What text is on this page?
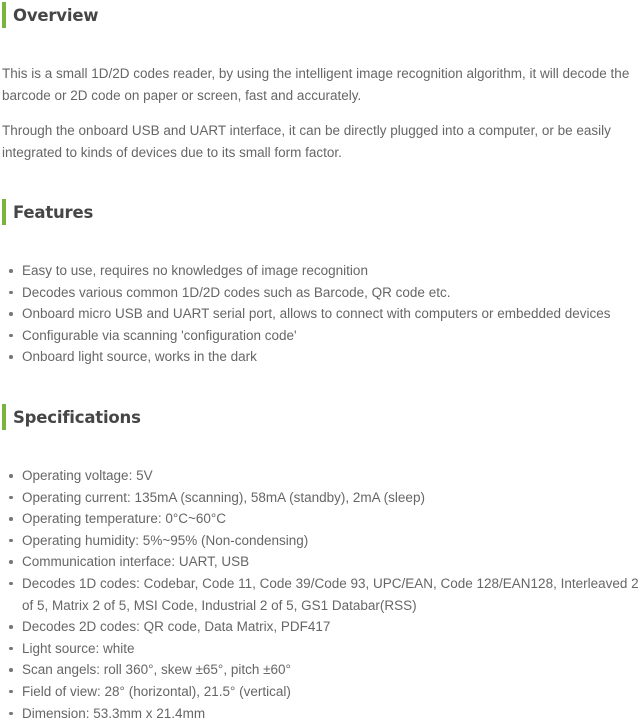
Overview

This is a small 1D/2D codes reader, by using the intelligent image recognition algorithm, it will decode the barcode or 2D code on paper or screen, fast and accurately.

Through the onboard USB and UART interface, it can be directly plugged into a computer, or be easily integrated to kinds of devices due to its small form factor.

Features
Easy to use, requires no knowledges of image recognition
Decodes various common 1D/2D codes such as Barcode, QR code etc.
Onboard micro USB and UART serial port, allows to connect with computers or embedded devices
Configurable via scanning 'configuration code'
Onboard light source, works in the dark
Specifications
Operating voltage: 5V
Operating current: 135mA (scanning), 58mA (standby), 2mA (sleep)
Operating temperature: 0°C~60°C
Operating humidity: 5%~95% (Non-condensing)
Communication interface: UART, USB
Decodes 1D codes: Codebar, Code 11, Code 39/Code 93, UPC/EAN, Code 128/EAN128, Interleaved 2 of 5, Matrix 2 of 5, MSI Code, Industrial 2 of 5, GS1 Databar(RSS)
Decodes 2D codes: QR code, Data Matrix, PDF417
Light source: white
Scan angels: roll 360°, skew ±65°, pitch ±60°
Field of view: 28° (horizontal), 21.5° (vertical)
Dimension: 53.3mm x 21.4mm
